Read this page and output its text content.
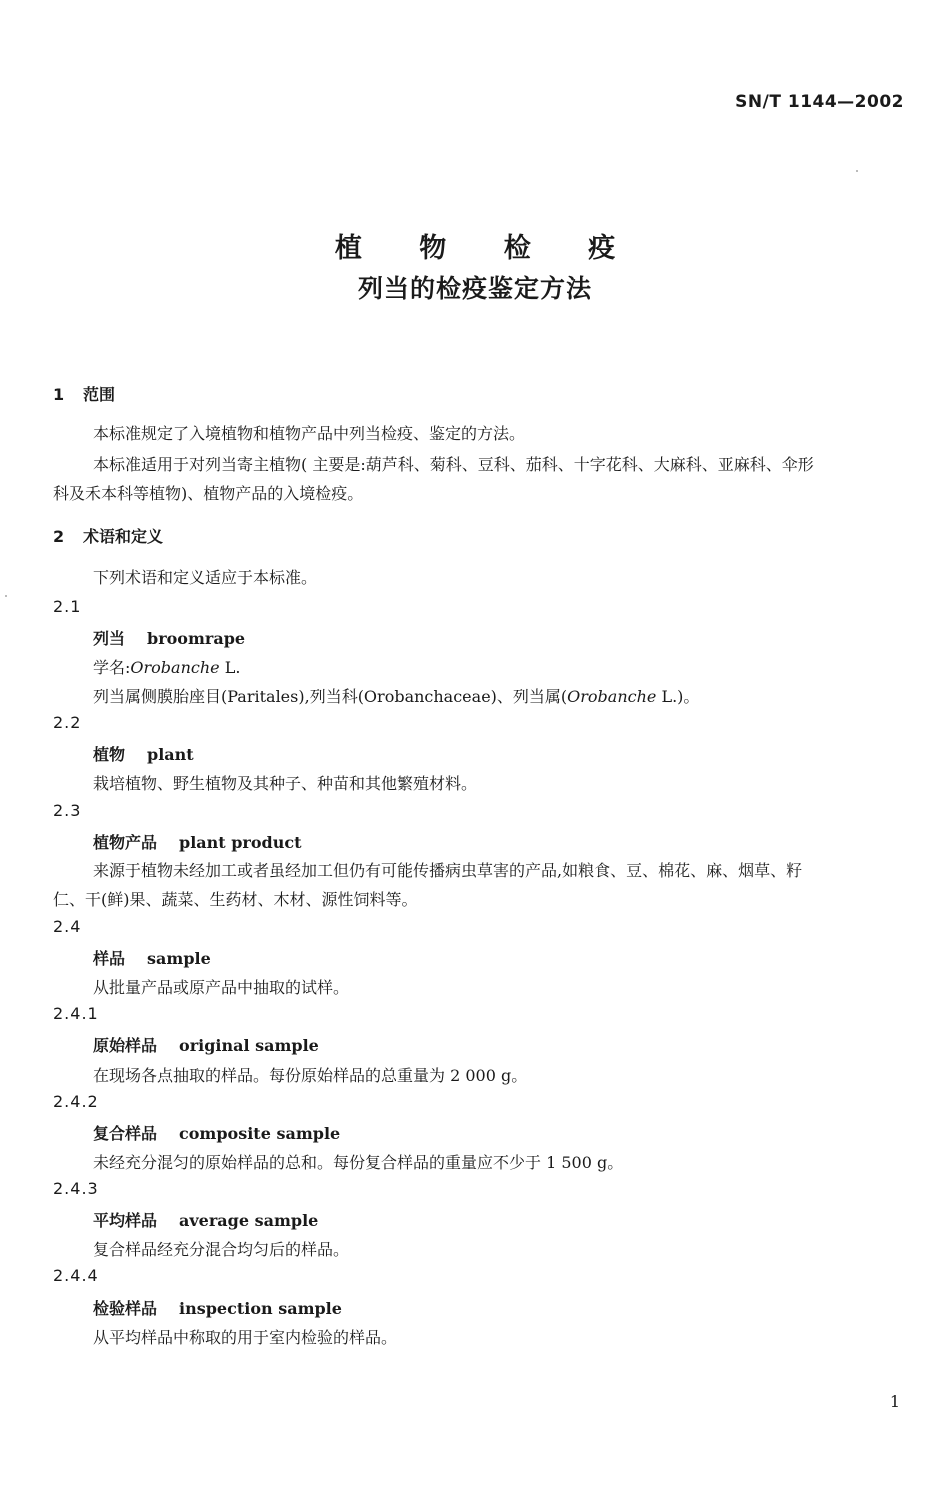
SN/T 1144—2002
植 物 检 疫
列当的检疫鉴定方法
1 范围
本标准规定了入境植物和植物产品中列当检疫、鉴定的方法。
本标准适用于对列当寄主植物( 主要是:葫芦科、菊科、豆科、茄科、十字花科、大麻科、亚麻科、伞形
科及禾本科等植物)、植物产品的入境检疫。
2 术语和定义
下列术语和定义适应于本标准。
2.1
列当 broomrape
学名:Orobanche L.
列当属侧膜胎座目(Paritales),列当科(Orobanchaceae)、列当属(Orobanche L.)。
2.2
植物 plant
栽培植物、野生植物及其种子、种苗和其他繁殖材料。
2.3
植物产品 plant product
来源于植物未经加工或者虽经加工但仍有可能传播病虫草害的产品,如粮食、豆、棉花、麻、烟草、籽
仁、干(鲜)果、蔬菜、生药材、木材、源性饲料等。
2.4
样品 sample
从批量产品或原产品中抽取的试样。
2.4.1
原始样品 original sample
在现场各点抽取的样品。每份原始样品的总重量为 2 000 g。
2.4.2
复合样品 composite sample
未经充分混匀的原始样品的总和。每份复合样品的重量应不少于 1 500 g。
2.4.3
平均样品 average sample
复合样品经充分混合均匀后的样品。
2.4.4
检验样品 inspection sample
从平均样品中称取的用于室内检验的样品。
1
